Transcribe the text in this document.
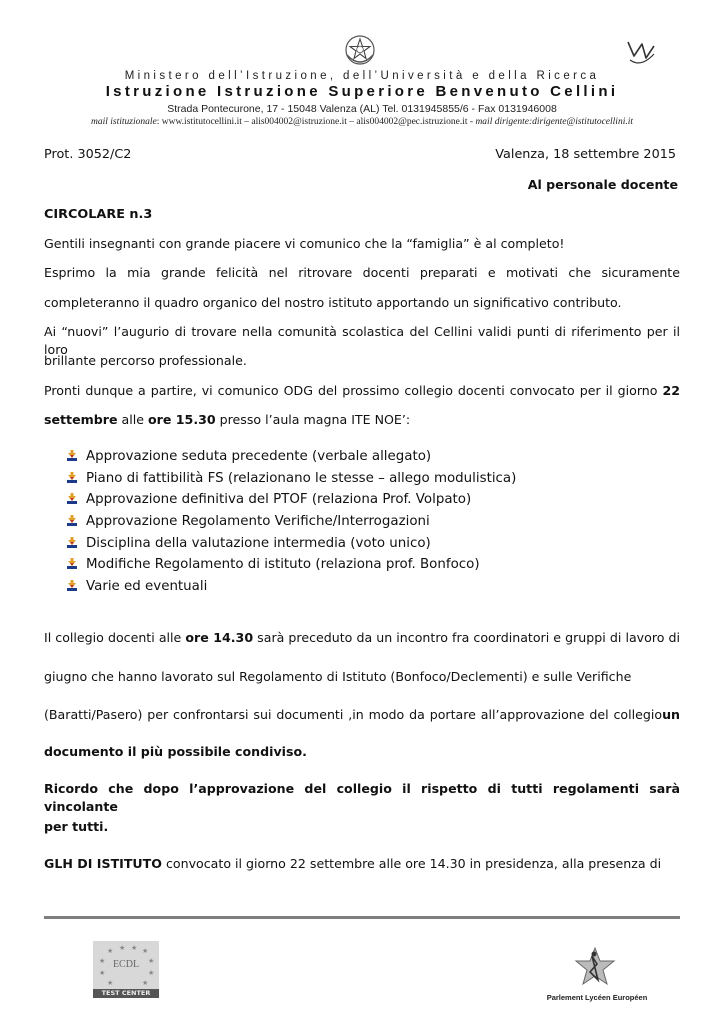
Ministero dell’Istruzione, dell’Università e della Ricerca
Istruzione Istruzione Superiore Benvenuto Cellini
Strada Pontecurone, 17 - 15048 Valenza (AL) Tel. 0131945855/6 - Fax 0131946008
mail istituzionale: www.istitutocellini.it – alis004002@istruzione.it – alis004002@pec.istruzione.it - mail dirigente:dirigente@istitutocellini.it
Prot. 3052/C2	Valenza, 18 settembre 2015
Al personale docente
CIRCOLARE n.3
Gentili insegnanti con grande piacere vi comunico che la “famiglia” è al completo!
Esprimo la mia grande felicità nel ritrovare docenti preparati e motivati che sicuramente
completeranno il quadro organico del nostro istituto apportando un significativo contributo.
Ai “nuovi” l’augurio di trovare nella comunità scolastica del Cellini validi punti di riferimento per il loro
brillante percorso professionale.
Pronti dunque a partire, vi comunico ODG del prossimo collegio docenti convocato per il giorno 22
settembre alle ore 15.30 presso l’aula magna ITE NOE’:
Approvazione seduta precedente (verbale allegato)
Piano di fattibilità FS (relazionano le stesse – allego modulistica)
Approvazione definitiva del PTOF (relaziona Prof. Volpato)
Approvazione Regolamento Verifiche/Interrogazioni
Disciplina della valutazione intermedia (voto unico)
Modifiche Regolamento di istituto (relaziona prof. Bonfoco)
Varie ed eventuali
Il collegio docenti alle ore 14.30 sarà preceduto da un incontro fra coordinatori e gruppi di lavoro di
giugno che hanno lavorato sul Regolamento di Istituto (Bonfoco/Declementi) e sulle Verifiche
(Baratti/Pasero) per confrontarsi sui documenti ,in modo da portare all’approvazione del collegioun
documento il più possibile condiviso.
Ricordo che dopo l’approvazione del collegio il rispetto di tutti regolamenti sarà vincolante
per tutti.
GLH DI ISTITUTO convocato il giorno 22 settembre alle ore 14.30 in presidenza, alla presenza di
★ ★ ★ ★
★	★
★	★
★	★
ECDL
TEST CENTER	Parlement Lycéen Européen
